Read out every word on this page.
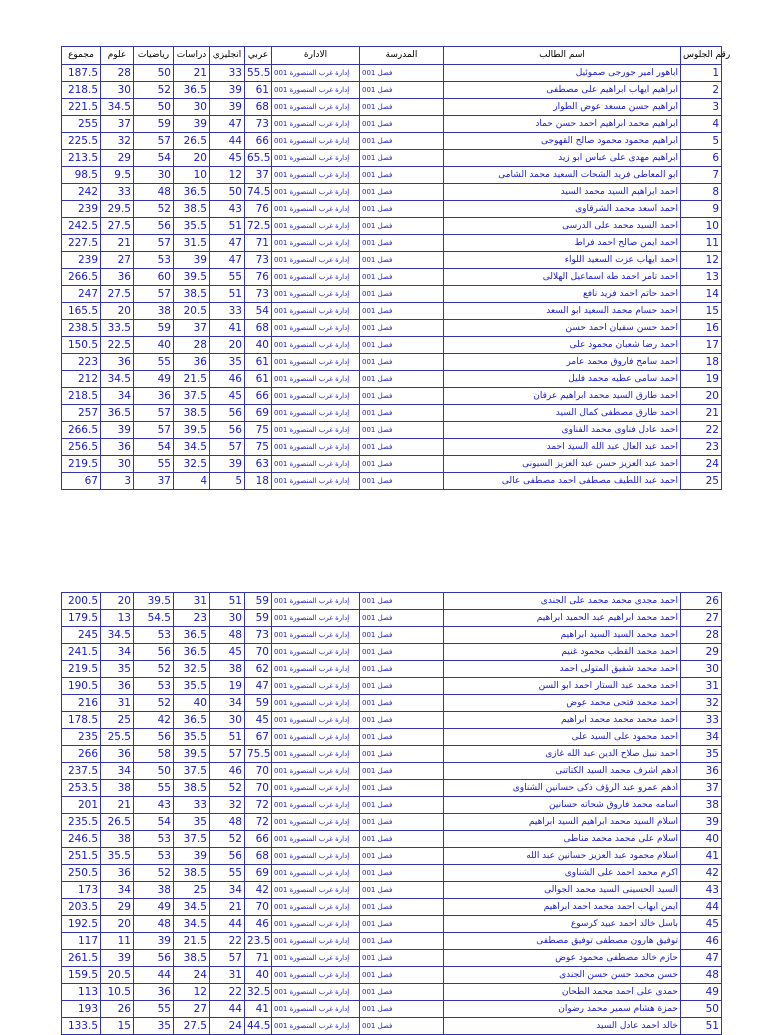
مجموع	علوم	رياضيات	دراسات	انجليزي	عربي	الادارة	المدرسة	اسم الطالب	رقم الجلوس
187.5	28	50	21	33	55.5	001 إدارة غرب المنصورة	فصل 001	اباهور امير جورجى صموئيل	1
218.5	30	52	36.5	39	61	001 إدارة غرب المنصورة	فصل 001	ابراهيم ايهاب ابراهيم على مصطفى	2
221.5	34.5	50	30	39	68	001 إدارة غرب المنصورة	فصل 001	ابراهيم حسن مسعد عوض الطوار	3
255	37	59	39	47	73	001 إدارة غرب المنصورة	فصل 001	ابراهيم محمد ابراهيم احمد حسن حماد	4
225.5	32	57	26.5	44	66	001 إدارة غرب المنصورة	فصل 001	ابراهيم محمود محمود صالح القهوجى	5
213.5	29	54	20	45	65.5	001 إدارة غرب المنصورة	فصل 001	ابراهيم مهدى على عباس ابو زيد	6
98.5	9.5	30	10	12	37	001 إدارة غرب المنصورة	فصل 001	ابو المعاطى فريد الشحات السعيد محمد الشامى	7
242	33	48	36.5	50	74.5	001 إدارة غرب المنصورة	فصل 001	احمد ابراهيم السيد محمد السيد	8
239	29.5	52	38.5	43	76	001 إدارة غرب المنصورة	فصل 001	احمد اسعد محمد الشرقاوى	9
242.5	27.5	56	35.5	51	72.5	001 إدارة غرب المنصورة	فصل 001	احمد السيد محمد على الدرسى	10
227.5	21	57	31.5	47	71	001 إدارة غرب المنصورة	فصل 001	احمد ايمن صالح احمد فراط	11
239	27	53	39	47	73	001 إدارة غرب المنصورة	فصل 001	احمد ايهاب عزت السعيد اللواء	12
266.5	36	60	39.5	55	76	001 إدارة غرب المنصورة	فصل 001	احمد تامر احمد طه اسماعيل الهلالى	13
247	27.5	57	38.5	51	73	001 إدارة غرب المنصورة	فصل 001	احمد حاتم احمد فريد نافع	14
165.5	20	38	20.5	33	54	001 إدارة غرب المنصورة	فصل 001	احمد حسام محمد السعيد ابو السعد	15
238.5	33.5	59	37	41	68	001 إدارة غرب المنصورة	فصل 001	احمد حسن سفيان احمد حسن	16
150.5	22.5	40	28	20	40	001 إدارة غرب المنصورة	فصل 001	احمد رضا شعبان محمود على	17
223	36	55	36	35	61	001 إدارة غرب المنصورة	فصل 001	احمد سامح فاروق محمد عامر	18
212	34.5	49	21.5	46	61	001 إدارة غرب المنصورة	فصل 001	احمد سامى عطيه محمد فليل	19
218.5	34	36	37.5	45	66	001 إدارة غرب المنصورة	فصل 001	احمد طارق السيد محمد ابراهيم عرفان	20
257	36.5	57	38.5	56	69	001 إدارة غرب المنصورة	فصل 001	احمد طارق مصطفى كمال السيد	21
266.5	39	57	39.5	56	75	001 إدارة غرب المنصورة	فصل 001	احمد عادل فناوى محمد الفناوى	22
256.5	36	54	34.5	57	75	001 إدارة غرب المنصورة	فصل 001	احمد عبد العال عبد الله السيد احمد	23
219.5	30	55	32.5	39	63	001 إدارة غرب المنصورة	فصل 001	احمد عبد العزيز حسن عبد العزيز السيونى	24
67	3	37	4	5	18	001 إدارة غرب المنصورة	فصل 001	احمد عبد اللطيف مصطفى احمد مصطفى عالى	25
200.5	20	39.5	31	51	59	001 إدارة غرب المنصورة	فصل 001	احمد مجدى محمد محمد على الجندى	26
179.5	13	54.5	23	30	59	001 إدارة غرب المنصورة	فصل 001	احمد محمد ابراهيم عبد الحميد ابراهيم	27
245	34.5	53	36.5	48	73	001 إدارة غرب المنصورة	فصل 001	احمد محمد السيد السيد ابراهيم	28
241.5	34	56	36.5	45	70	001 إدارة غرب المنصورة	فصل 001	احمد محمد القطب محمود غنيم	29
219.5	35	52	32.5	38	62	001 إدارة غرب المنصورة	فصل 001	احمد محمد شفيق المتولى احمد	30
190.5	36	53	35.5	19	47	001 إدارة غرب المنصورة	فصل 001	احمد محمد عبد الستار احمد ابو السن	31
216	31	52	40	34	59	001 إدارة غرب المنصورة	فصل 001	احمد محمد فتحى محمد عوض	32
178.5	25	42	36.5	30	45	001 إدارة غرب المنصورة	فصل 001	احمد محمد محمد محمد ابراهيم	33
235	25.5	56	35.5	51	67	001 إدارة غرب المنصورة	فصل 001	احمد محمود على السيد على	34
266	36	58	39.5	57	75.5	001 إدارة غرب المنصورة	فصل 001	احمد نبيل صلاح الدين عبد الله غازى	35
237.5	34	50	37.5	46	70	001 إدارة غرب المنصورة	فصل 001	ادهم اشرف محمد السيد الكتاتنى	36
253.5	38	55	38.5	52	70	001 إدارة غرب المنصورة	فصل 001	ادهم عمرو عبد الرؤف ذكى حسانين الشناوى	37
201	21	43	33	32	72	001 إدارة غرب المنصورة	فصل 001	اسامه محمد فاروق شحاته حسانين	38
235.5	26.5	54	35	48	72	001 إدارة غرب المنصورة	فصل 001	اسلام السيد محمد ابراهيم السيد ابراهيم	39
246.5	38	53	37.5	52	66	001 إدارة غرب المنصورة	فصل 001	اسلام على محمد محمد مناطى	40
251.5	35.5	53	39	56	68	001 إدارة غرب المنصورة	فصل 001	اسلام محمود عبد العزيز حسانين عبد الله	41
250.5	36	52	38.5	55	69	001 إدارة غرب المنصورة	فصل 001	اكرم محمد احمد على الشناوى	42
173	34	38	25	34	42	001 إدارة غرب المنصورة	فصل 001	السيد الحسينى السيد محمد الجوالى	43
203.5	29	49	34.5	21	70	001 إدارة غرب المنصورة	فصل 001	ايمن ايهاب احمد محمد احمد ابراهيم	44
192.5	20	48	34.5	44	46	001 إدارة غرب المنصورة	فصل 001	باسل خالد احمد عبيد كرسوع	45
117	11	39	21.5	22	23.5	001 إدارة غرب المنصورة	فصل 001	توفيق هارون مصطفى توفيق مصطفى	46
261.5	39	56	38.5	57	71	001 إدارة غرب المنصورة	فصل 001	حازم خالد مصطفى محمود عوض	47
159.5	20.5	44	24	31	40	001 إدارة غرب المنصورة	فصل 001	حسن محمد حسن حسن الجندى	48
113	10.5	36	12	22	32.5	001 إدارة غرب المنصورة	فصل 001	حمدى على احمد محمد الطحان	49
193	26	55	27	44	41	001 إدارة غرب المنصورة	فصل 001	حمزة هشام سمير محمد رضوان	50
133.5	15	35	27.5	24	44.5	001 إدارة غرب المنصورة	فصل 001	خالد احمد عادل السيد	51
